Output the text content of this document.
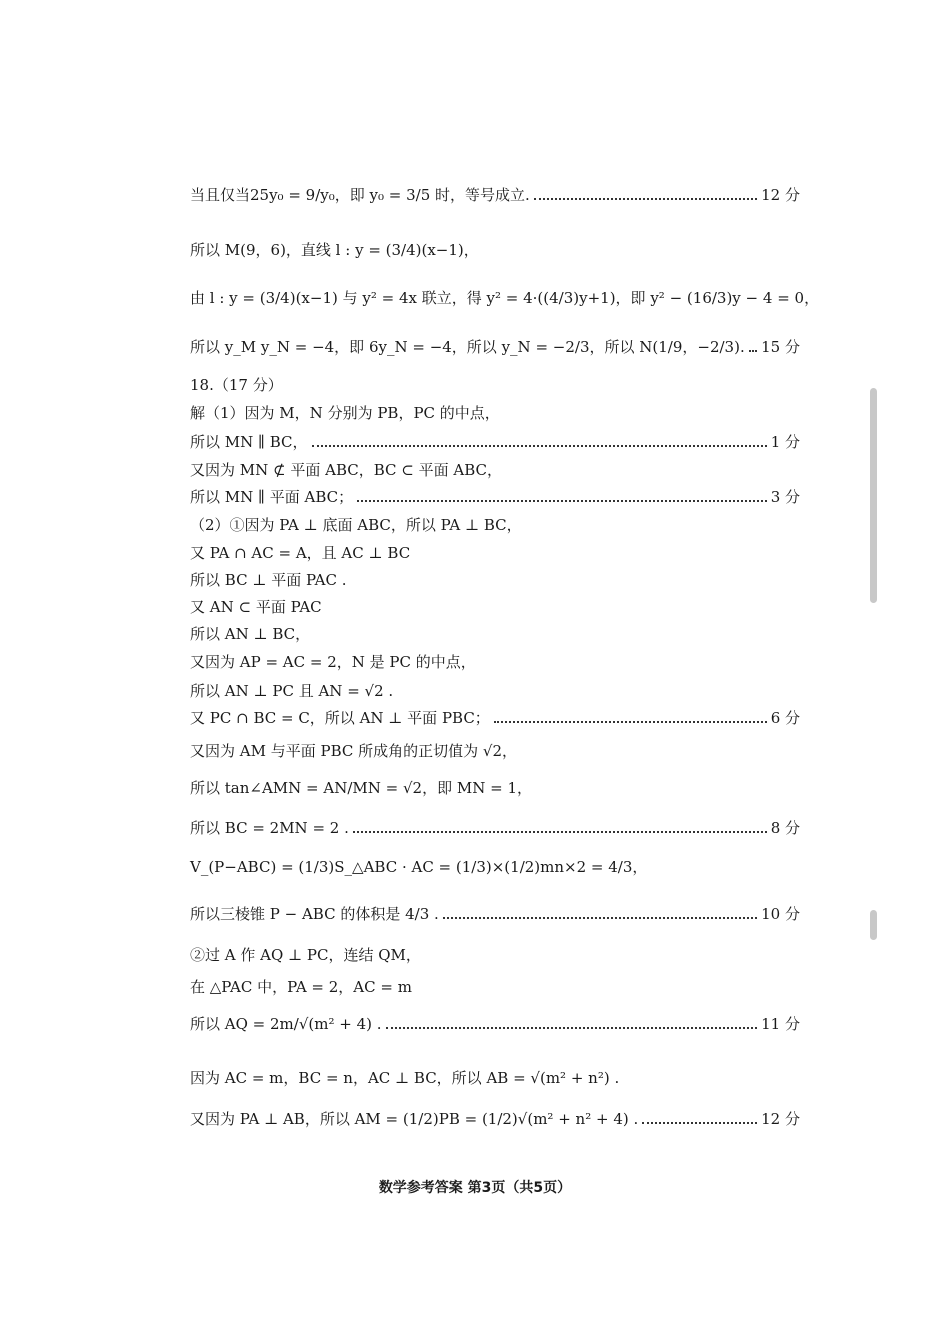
当且仅当25y₀ = 9/y₀，即 y₀ = 3/5 时，等号成立.	12 分
所以 M(9，6)，直线 l : y = (3/4)(x−1)，
由 l : y = (3/4)(x−1) 与 y² = 4x 联立，得 y² = 4·((4/3)y+1)，即 y² − (16/3)y − 4 = 0，
所以 y_M y_N = −4，即 6y_N = −4，所以 y_N = −2/3，所以 N(1/9，−2/3). 15 分
18.（17 分）
解（1）因为 M，N 分别为 PB，PC 的中点，
所以 MN ∥ BC，	1 分
又因为 MN ⊄ 平面 ABC，BC ⊂ 平面 ABC，
所以 MN ∥ 平面 ABC；	3 分
（2）①因为 PA ⊥ 底面 ABC，所以 PA ⊥ BC，
又 PA ∩ AC = A，且 AC ⊥ BC
所以 BC ⊥ 平面 PAC .
又 AN ⊂ 平面 PAC
所以 AN ⊥ BC，
又因为 AP = AC = 2，N 是 PC 的中点，
所以 AN ⊥ PC 且 AN = √2 .
又 PC ∩ BC = C，所以 AN ⊥ 平面 PBC；	6 分
又因为 AM 与平面 PBC 所成角的正切值为 √2，
所以 tan∠AMN = AN/MN = √2，即 MN = 1，
所以 BC = 2MN = 2 .	8 分
V_(P−ABC) = (1/3)S_△ABC · AC = (1/3)×(1/2)mn×2 = 4/3，
所以三棱锥 P − ABC 的体积是 4/3 .	10 分
②过 A 作 AQ ⊥ PC，连结 QM，
在 △PAC 中，PA = 2，AC = m
所以 AQ = 2m/√(m² + 4) .	11 分
因为 AC = m，BC = n，AC ⊥ BC，所以 AB = √(m² + n²) .
又因为 PA ⊥ AB，所以 AM = (1/2)PB = (1/2)√(m² + n² + 4) .	12 分
数学参考答案 第3页（共5页）
